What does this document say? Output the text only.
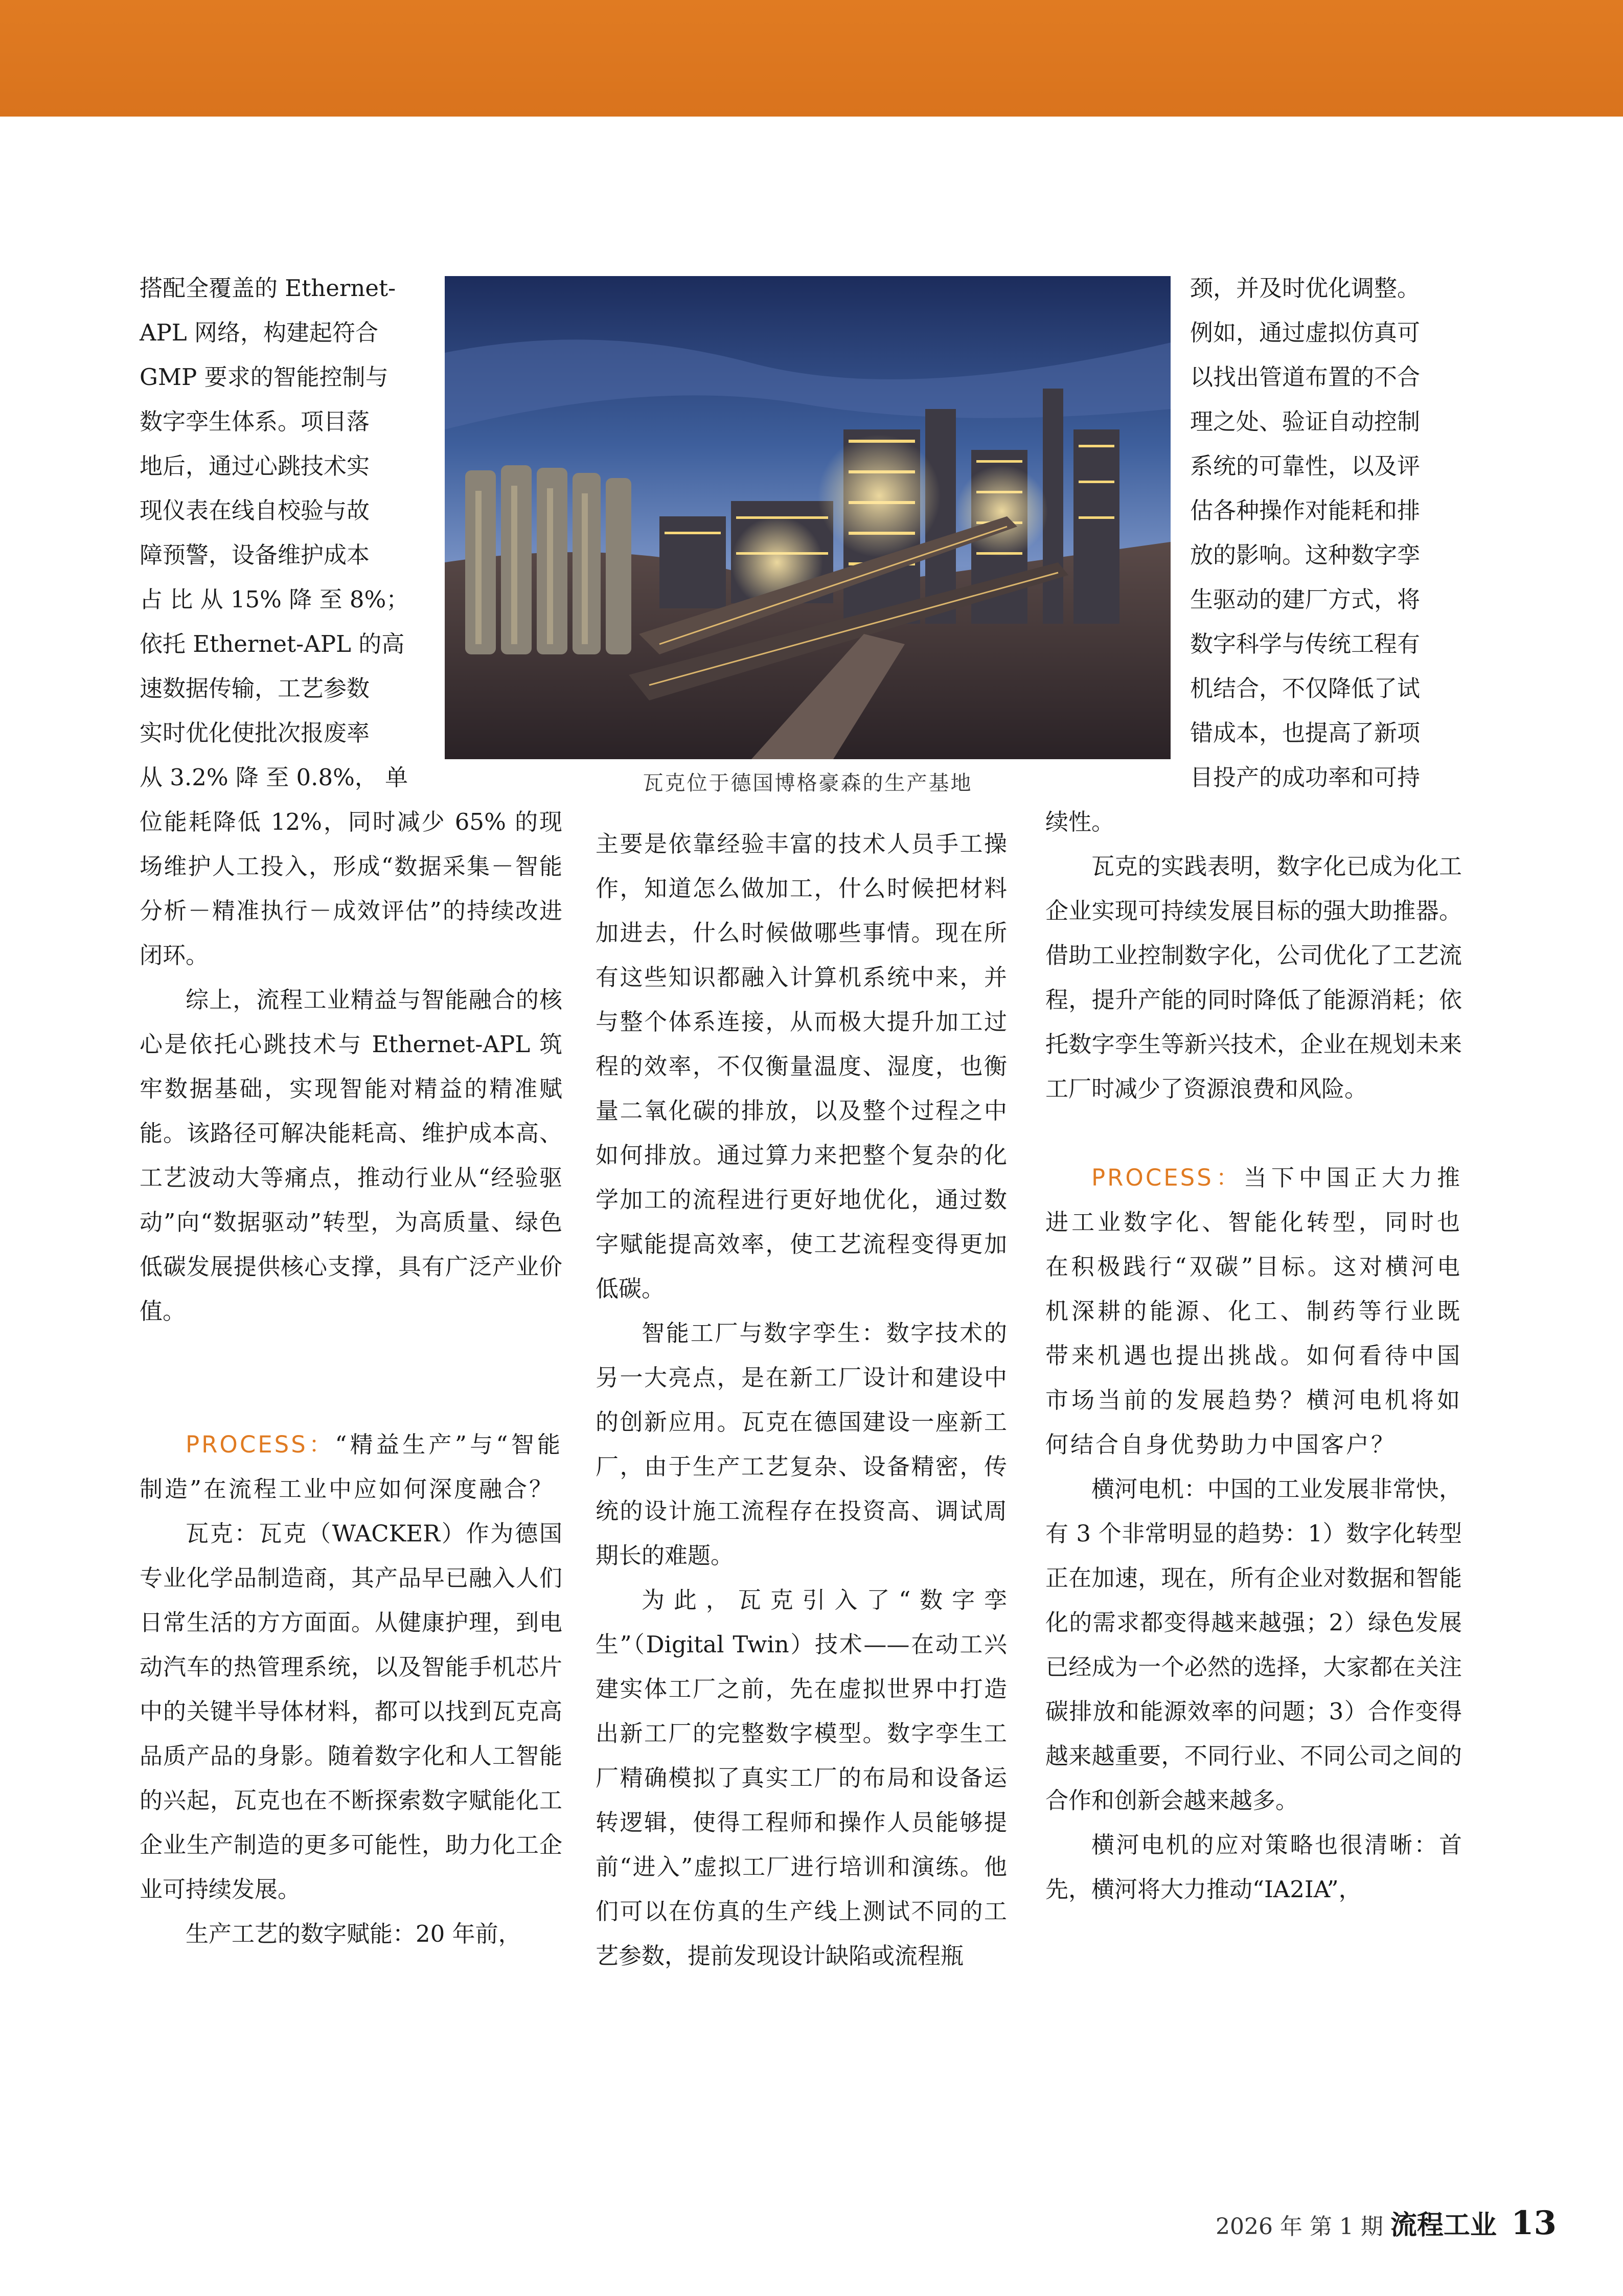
搭配全覆盖的 Ethernet-
APL 网络，构建起符合
GMP 要求的智能控制与
数字孪生体系。项目落
地后，通过心跳技术实
现仪表在线自校验与故
障预警，设备维护成本
占 比 从 15% 降 至 8%；
依托 Ethernet-APL 的高
速数据传输，工艺参数
实时优化使批次报废率
从 3.2% 降 至 0.8%， 单

位能耗降低 12%，同时减少 65% 的现场维护人工投入，形成“数据采集－智能分析－精准执行－成效评估”的持续改进闭环。

综上，流程工业精益与智能融合的核心是依托心跳技术与 Ethernet-APL 筑牢数据基础，实现智能对精益的精准赋能。该路径可解决能耗高、维护成本高、工艺波动大等痛点，推动行业从“经验驱动”向“数据驱动”转型，为高质量、绿色低碳发展提供核心支撑，具有广泛产业价值。

PROCESS：“精益生产”与“智能制造”在流程工业中应如何深度融合？

瓦克：瓦克（WACKER）作为德国专业化学品制造商，其产品早已融入人们日常生活的方方面面。从健康护理，到电动汽车的热管理系统，以及智能手机芯片中的关键半导体材料，都可以找到瓦克高品质产品的身影。随着数字化和人工智能的兴起，瓦克也在不断探索数字赋能化工企业生产制造的更多可能性，助力化工企业可持续发展。

生产工艺的数字赋能：20 年前，

瓦克位于德国博格豪森的生产基地

主要是依靠经验丰富的技术人员手工操作，知道怎么做加工，什么时候把材料加进去，什么时候做哪些事情。现在所有这些知识都融入计算机系统中来，并与整个体系连接，从而极大提升加工过程的效率，不仅衡量温度、湿度，也衡量二氧化碳的排放，以及整个过程之中如何排放。通过算力来把整个复杂的化学加工的流程进行更好地优化，通过数字赋能提高效率，使工艺流程变得更加低碳。

智能工厂与数字孪生：数字技术的另一大亮点，是在新工厂设计和建设中的创新应用。瓦克在德国建设一座新工厂，由于生产工艺复杂、设备精密，传统的设计施工流程存在投资高、调试周期长的难题。

为此，瓦克引入了“数字孪生”（Digital Twin）技术——在动工兴建实体工厂之前，先在虚拟世界中打造出新工厂的完整数字模型。数字孪生工厂精确模拟了真实工厂的布局和设备运转逻辑，使得工程师和操作人员能够提前“进入”虚拟工厂进行培训和演练。他们可以在仿真的生产线上测试不同的工艺参数，提前发现设计缺陷或流程瓶

颈，并及时优化调整。
例如，通过虚拟仿真可
以找出管道布置的不合
理之处、验证自动控制
系统的可靠性，以及评
估各种操作对能耗和排
放的影响。这种数字孪
生驱动的建厂方式，将
数字科学与传统工程有
机结合，不仅降低了试
错成本，也提高了新项
目投产的成功率和可持

续性。

瓦克的实践表明，数字化已成为化工企业实现可持续发展目标的强大助推器。借助工业控制数字化，公司优化了工艺流程，提升产能的同时降低了能源消耗；依托数字孪生等新兴技术，企业在规划未来工厂时减少了资源浪费和风险。

PROCESS：当下中国正大力推进工业数字化、智能化转型，同时也在积极践行“双碳”目标。这对横河电机深耕的能源、化工、制药等行业既带来机遇也提出挑战。如何看待中国市场当前的发展趋势？横河电机将如何结合自身优势助力中国客户？

横河电机：中国的工业发展非常快，有 3 个非常明显的趋势：1）数字化转型正在加速，现在，所有企业对数据和智能化的需求都变得越来越强；2）绿色发展已经成为一个必然的选择，大家都在关注碳排放和能源效率的问题；3）合作变得越来越重要，不同行业、不同公司之间的合作和创新会越来越多。

横河电机的应对策略也很清晰：首先，横河将大力推动“IA2IA”，

2026 年 第 1 期 流程工业 13
